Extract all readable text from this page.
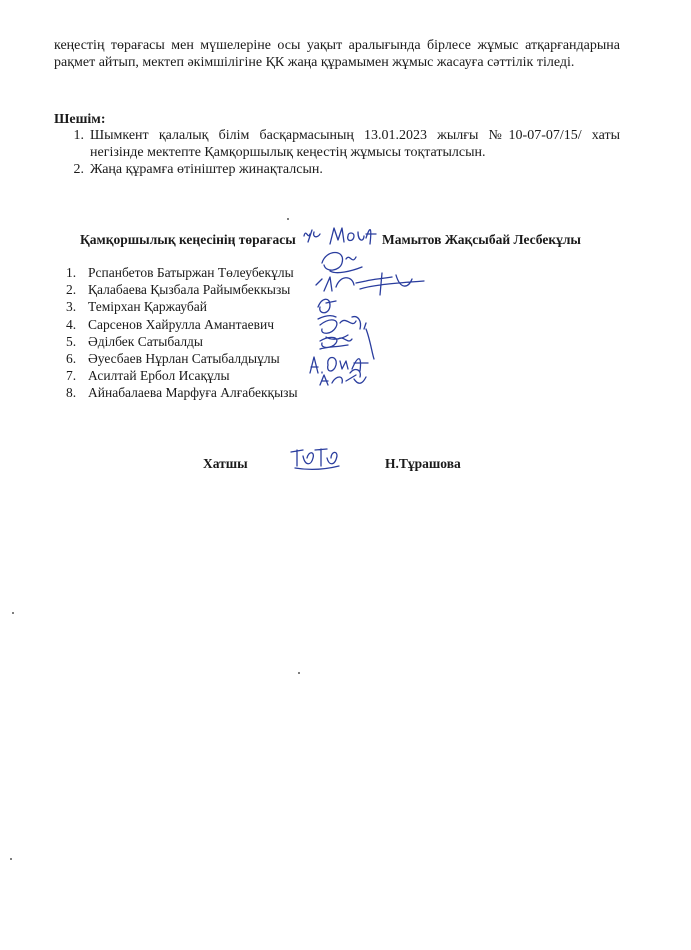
кеңестің төрағасы мен мүшелеріне осы уақыт аралығында бірлесе жұмыс атқарғандарына рақмет айтып, мектеп әкімшілігіне ҚК жаңа құрамымен жұмыс жасауға сәттілік тіледі.
Шешім:
1. Шымкент қалалық білім басқармасының 13.01.2023 жылғы №10-07-07/15/ хаты негізінде мектепте Қамқоршылық кеңестің жұмысы тоқтатылсын.
2. Жаңа құрамға өтініштер жинақталсын.
Қамқоршылық кеңесінің төрағасы	Мамытов Жақсыбай Лесбекұлы
1. Рспанбетов Батыржан Төлеубекұлы
2. Қалабаева Қызбала Райымбеккызы
3. Темірхан Қаржаубай
4. Сарсенов Хайрулла Амантаевич
5. Әділбек Сатыбалды
6. Әуесбаев Нұрлан Сатыбалдыұлы
7. Асилтай Ербол Исақұлы
8. Айнабалаева Марфуға Алғабекқызы
Хатшы	Н.Тұрашова
